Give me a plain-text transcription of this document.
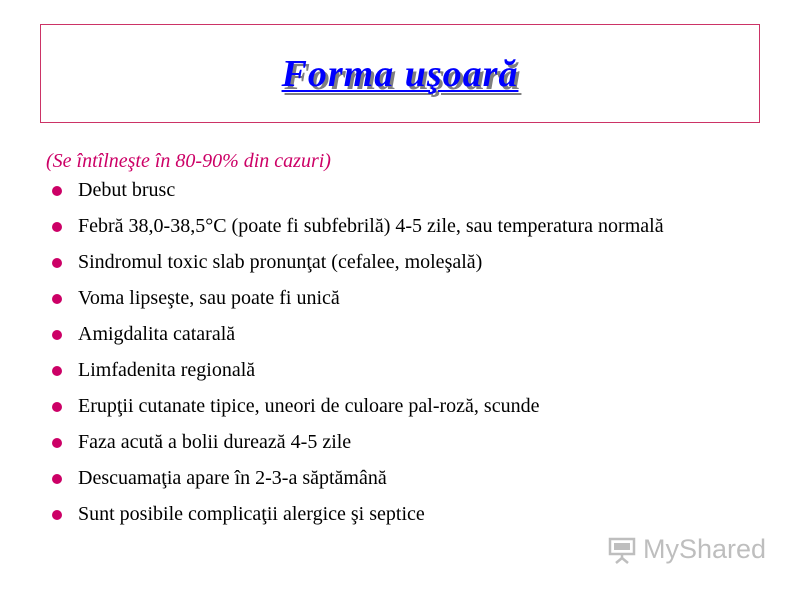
Forma uşoară
(Se întîlneşte în 80-90% din cazuri)
Debut brusc
Febră 38,0-38,5°C (poate fi subfebrilă) 4-5 zile, sau temperatura normală
Sindromul toxic slab pronunţat (cefalee, moleşală)
Voma lipseşte, sau poate fi unică
Amigdalita catarală
Limfadenita regională
Erupţii cutanate tipice, uneori de culoare pal-roză, scunde
Faza acută a bolii durează 4-5 zile
Descuamaţia apare în 2-3-a săptămână
Sunt posibile complicaţii alergice şi septice
MyShared
